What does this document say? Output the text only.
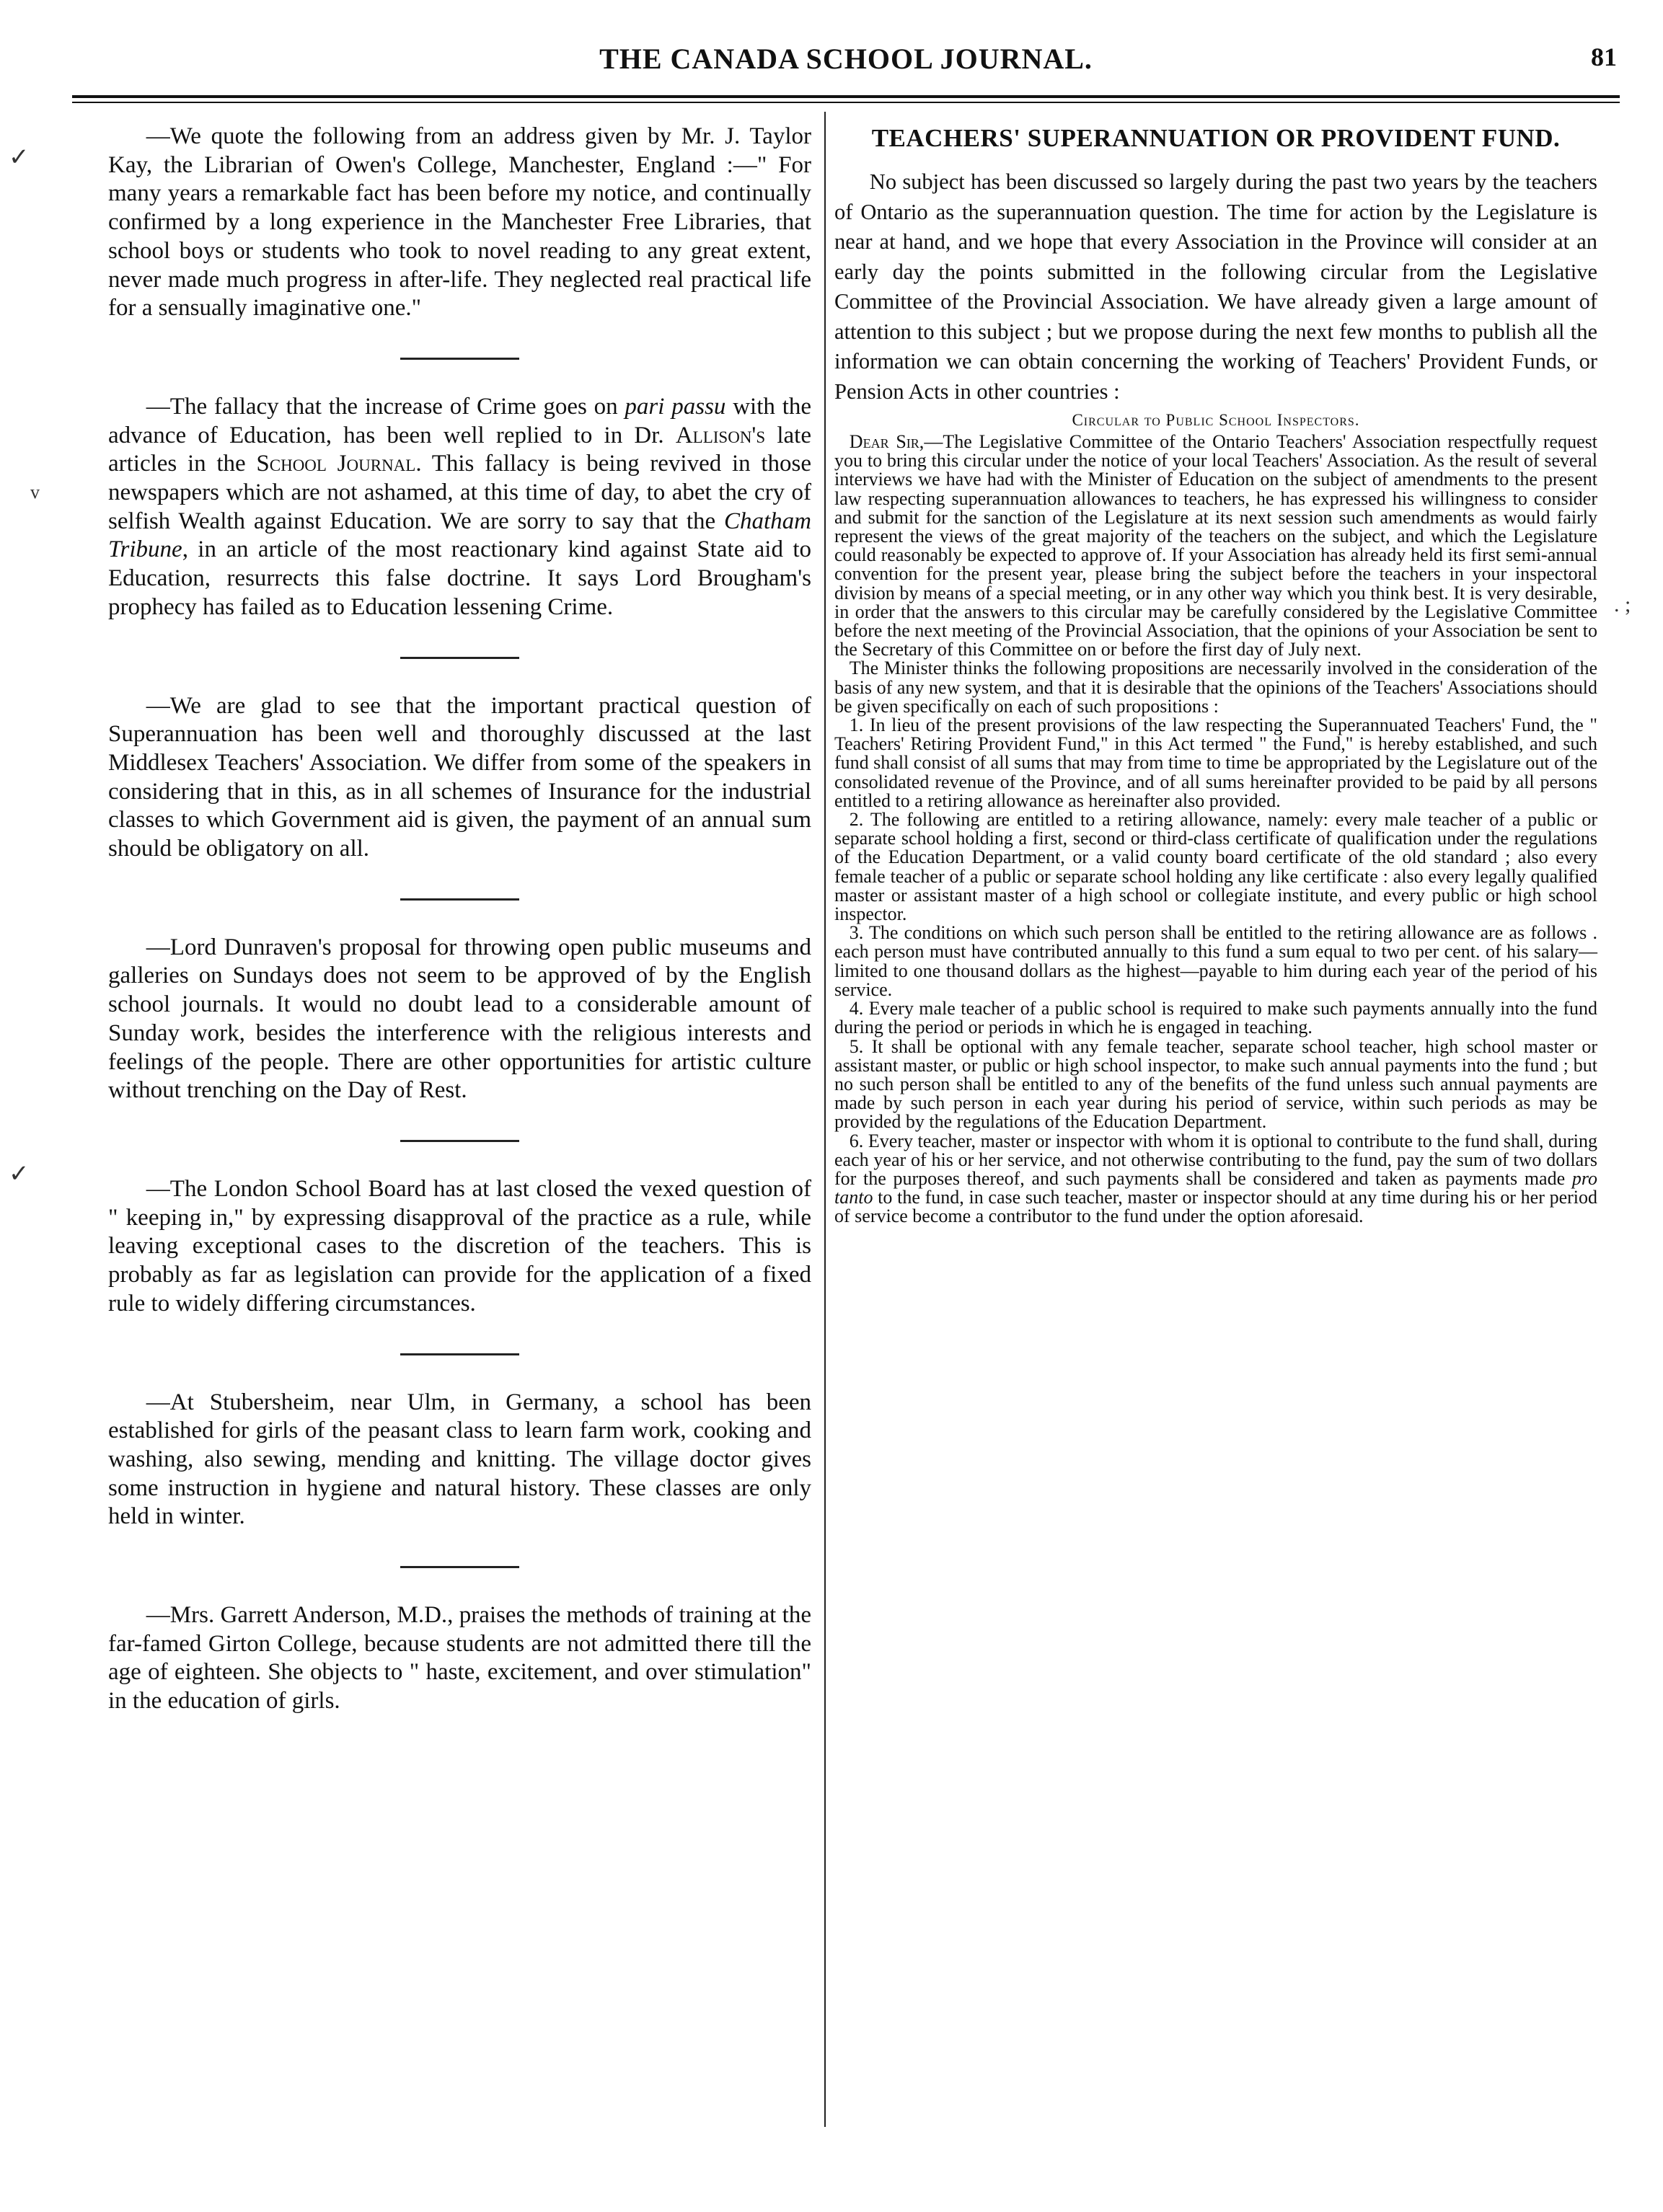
THE CANADA SCHOOL JOURNAL.	81
✓
v
✓
. ;

—We quote the following from an address given by Mr. J. Taylor Kay, the Librarian of Owen's College, Manchester, England :—" For many years a remarkable fact has been before my notice, and continually confirmed by a long experience in the Manchester Free Libraries, that school boys or students who took to novel reading to any great extent, never made much progress in after-life. They neglected real practical life for a sensually imaginative one."

—The fallacy that the increase of Crime goes on pari passu with the advance of Education, has been well replied to in Dr. Allison's late articles in the School Journal. This fallacy is being revived in those newspapers which are not ashamed, at this time of day, to abet the cry of selfish Wealth against Education. We are sorry to say that the Chatham Tribune, in an article of the most reactionary kind against State aid to Education, resurrects this false doctrine. It says Lord Brougham's prophecy has failed as to Education lessening Crime.

—We are glad to see that the important practical question of Superannuation has been well and thoroughly discussed at the last Middlesex Teachers' Association. We differ from some of the speakers in considering that in this, as in all schemes of Insurance for the industrial classes to which Government aid is given, the payment of an annual sum should be obligatory on all.

—Lord Dunraven's proposal for throwing open public museums and galleries on Sundays does not seem to be approved of by the English school journals. It would no doubt lead to a considerable amount of Sunday work, besides the interference with the religious interests and feelings of the people. There are other opportunities for artistic culture without trenching on the Day of Rest.

—The London School Board has at last closed the vexed question of " keeping in," by expressing disapproval of the practice as a rule, while leaving exceptional cases to the discretion of the teachers. This is probably as far as legislation can provide for the application of a fixed rule to widely differing circumstances.

—At Stubersheim, near Ulm, in Germany, a school has been established for girls of the peasant class to learn farm work, cooking and washing, also sewing, mending and knitting. The village doctor gives some instruction in hygiene and natural history. These classes are only held in winter.

—Mrs. Garrett Anderson, M.D., praises the methods of training at the far-famed Girton College, because students are not admitted there till the age of eighteen. She objects to " haste, excitement, and over stimulation" in the education of girls.

TEACHERS' SUPERANNUATION OR PROVIDENT FUND.

No subject has been discussed so largely during the past two years by the teachers of Ontario as the superannuation question. The time for action by the Legislature is near at hand, and we hope that every Association in the Province will consider at an early day the points submitted in the following circular from the Legislative Committee of the Provincial Association. We have already given a large amount of attention to this subject ; but we propose during the next few months to publish all the information we can obtain concerning the working of Teachers' Provident Funds, or Pension Acts in other countries :

Circular to Public School Inspectors.

Dear Sir,—The Legislative Committee of the Ontario Teachers' Association respectfully request you to bring this circular under the notice of your local Teachers' Association. As the result of several interviews we have had with the Minister of Education on the subject of amendments to the present law respecting superannuation allowances to teachers, he has expressed his willingness to consider and submit for the sanction of the Legislature at its next session such amendments as would fairly represent the views of the great majority of the teachers on the subject, and which the Legislature could reasonably be expected to approve of. If your Association has already held its first semi-annual convention for the present year, please bring the subject before the teachers in your inspectoral division by means of a special meeting, or in any other way which you think best. It is very desirable, in order that the answers to this circular may be carefully considered by the Legislative Committee before the next meeting of the Provincial Association, that the opinions of your Association be sent to the Secretary of this Committee on or before the first day of July next.

The Minister thinks the following propositions are necessarily involved in the consideration of the basis of any new system, and that it is desirable that the opinions of the Teachers' Associations should be given specifically on each of such propositions :

1. In lieu of the present provisions of the law respecting the Superannuated Teachers' Fund, the " Teachers' Retiring Provident Fund," in this Act termed " the Fund," is hereby established, and such fund shall consist of all sums that may from time to time be appropriated by the Legislature out of the consolidated revenue of the Province, and of all sums hereinafter provided to be paid by all persons entitled to a retiring allowance as hereinafter also provided.

2. The following are entitled to a retiring allowance, namely: every male teacher of a public or separate school holding a first, second or third-class certificate of qualification under the regulations of the Education Department, or a valid county board certificate of the old standard ; also every female teacher of a public or separate school holding any like certificate : also every legally qualified master or assistant master of a high school or collegiate institute, and every public or high school inspector.

3. The conditions on which such person shall be entitled to the retiring allowance are as follows . each person must have contributed annually to this fund a sum equal to two per cent. of his salary—limited to one thousand dollars as the highest—payable to him during each year of the period of his service.

4. Every male teacher of a public school is required to make such payments annually into the fund during the period or periods in which he is engaged in teaching.

5. It shall be optional with any female teacher, separate school teacher, high school master or assistant master, or public or high school inspector, to make such annual payments into the fund ; but no such person shall be entitled to any of the benefits of the fund unless such annual payments are made by such person in each year during his period of service, within such periods as may be provided by the regulations of the Education Department.

6. Every teacher, master or inspector with whom it is optional to contribute to the fund shall, during each year of his or her service, and not otherwise contributing to the fund, pay the sum of two dollars for the purposes thereof, and such payments shall be considered and taken as payments made pro tanto to the fund, in case such teacher, master or inspector should at any time during his or her period of service become a contributor to the fund under the option aforesaid.
